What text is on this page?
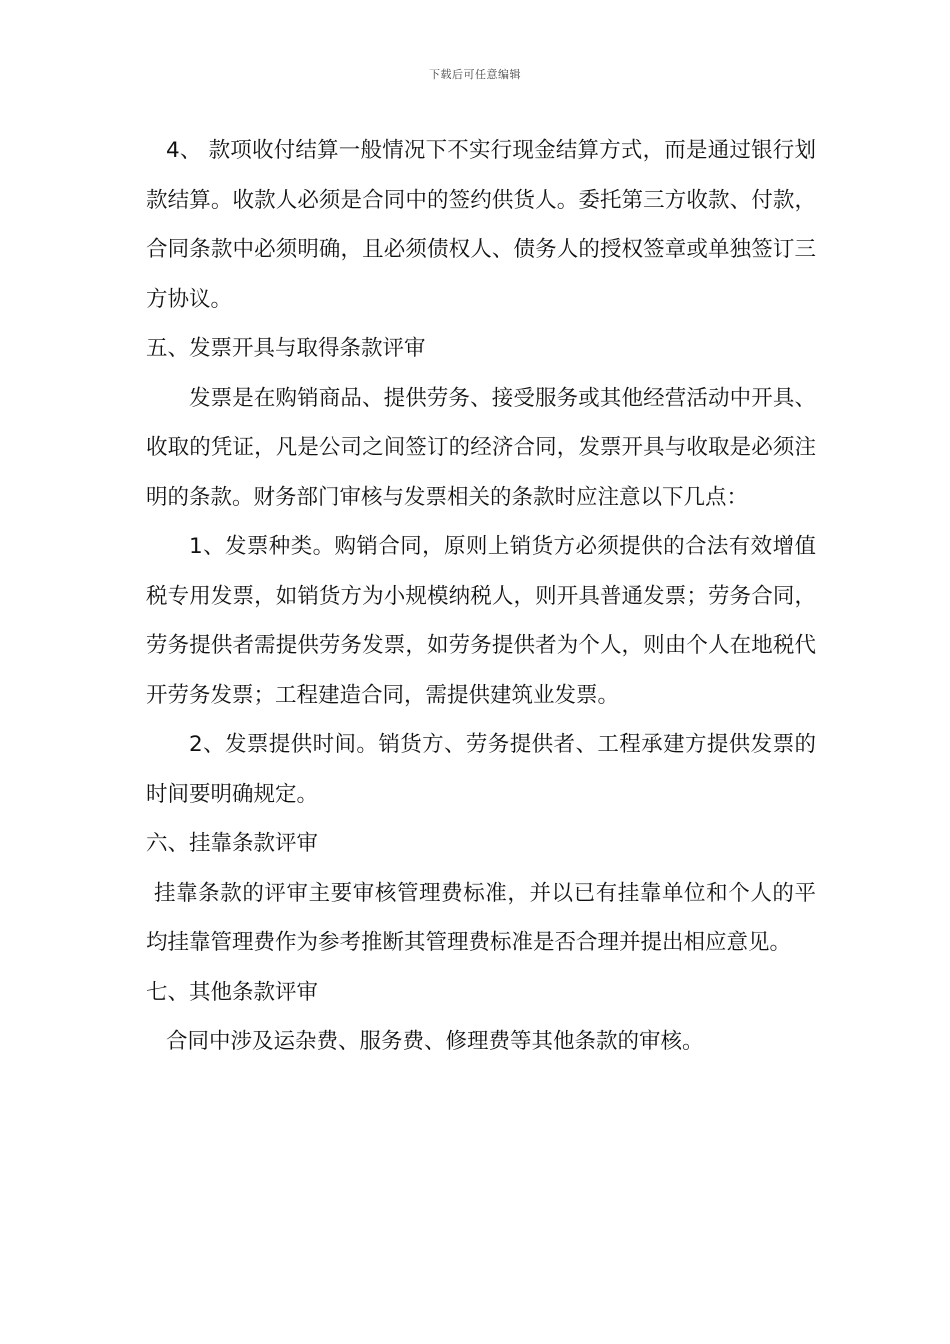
下载后可任意编辑

4、 款项收付结算一般情况下不实行现金结算方式，而是通过银行划款结算。收款人必须是合同中的签约供货人。委托第三方收款、付款，合同条款中必须明确，且必须债权人、债务人的授权签章或单独签订三方协议。

五、发票开具与取得条款评审

发票是在购销商品、提供劳务、接受服务或其他经营活动中开具、收取的凭证，凡是公司之间签订的经济合同，发票开具与收取是必须注明的条款。财务部门审核与发票相关的条款时应注意以下几点：

1、发票种类。购销合同，原则上销货方必须提供的合法有效增值税专用发票，如销货方为小规模纳税人，则开具普通发票；劳务合同，劳务提供者需提供劳务发票，如劳务提供者为个人，则由个人在地税代开劳务发票；工程建造合同，需提供建筑业发票。

2、发票提供时间。销货方、劳务提供者、工程承建方提供发票的时间要明确规定。

六、挂靠条款评审

挂靠条款的评审主要审核管理费标准，并以已有挂靠单位和个人的平均挂靠管理费作为参考推断其管理费标准是否合理并提出相应意见。

七、其他条款评审

合同中涉及运杂费、服务费、修理费等其他条款的审核。
